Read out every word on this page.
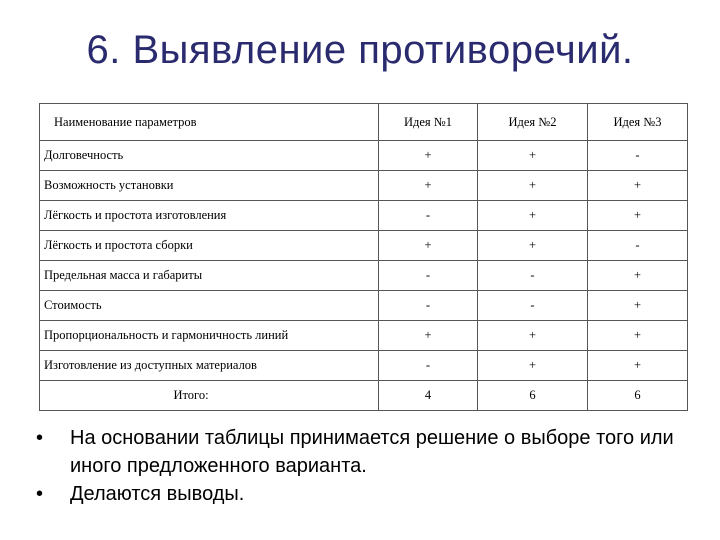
6. Выявление противоречий.
Наименование параметров	Идея №1	Идея №2	Идея №3
Долговечность	+	+	-
Возможность установки	+	+	+
Лёгкость и простота изготовления	-	+	+
Лёгкость и простота сборки	+	+	-
Предельная масса и габариты	-	-	+
Стоимость	-	-	+
Пропорциональность и гармоничность линий	+	+	+
Изготовление из доступных материалов	-	+	+
Итого:	4	6	6
• На основании таблицы принимается решение о выборе того или иного предложенного варианта.
• Делаются выводы.
